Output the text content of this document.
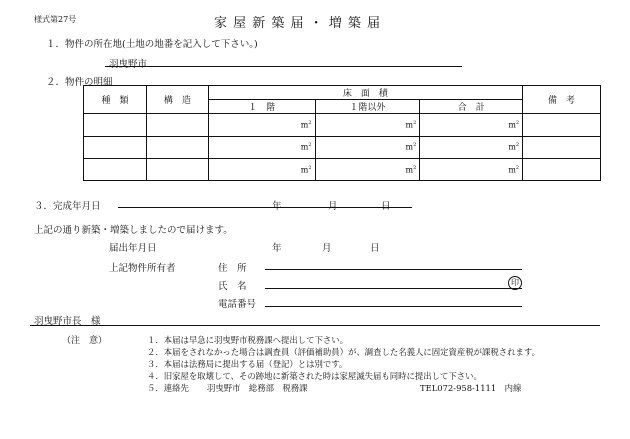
様式第27号	家 屋 新 築 届 ・ 増 築 届
１．物件の所在地(土地の地番を記入して下さい。)
羽曳野市
２．物件の明細
種　類	構　造	床　面　積			備　考
		１　階	１階以外	合　計	
		$m^2$	$m^2$	$m^2$	
		$m^2$	$m^2$	$m^2$	
		$m^2$	$m^2$	$m^2$	
３．完成年月日	年	月	日
上記の通り新築・増築しましたので届けます。
届出年月日	年	月	日
上記物件所有者	住　所
氏　名	印
電話番号
羽曳野市長　様
（注　意）	１．本届は早急に羽曳野市税務課へ提出して下さい。
２．本届をされなかった場合は調査員（評価補助員）が、調査した名義人に固定資産税が課税されます。
３．本届は法務局に提出する届（登記）とは別です。
４．旧家屋を取壊して、その跡地に新築された時は家屋滅失届も同時に提出して下さい。
５．連絡先 羽曳野市　総務部　税務課	TEL072-958-1111　内線
